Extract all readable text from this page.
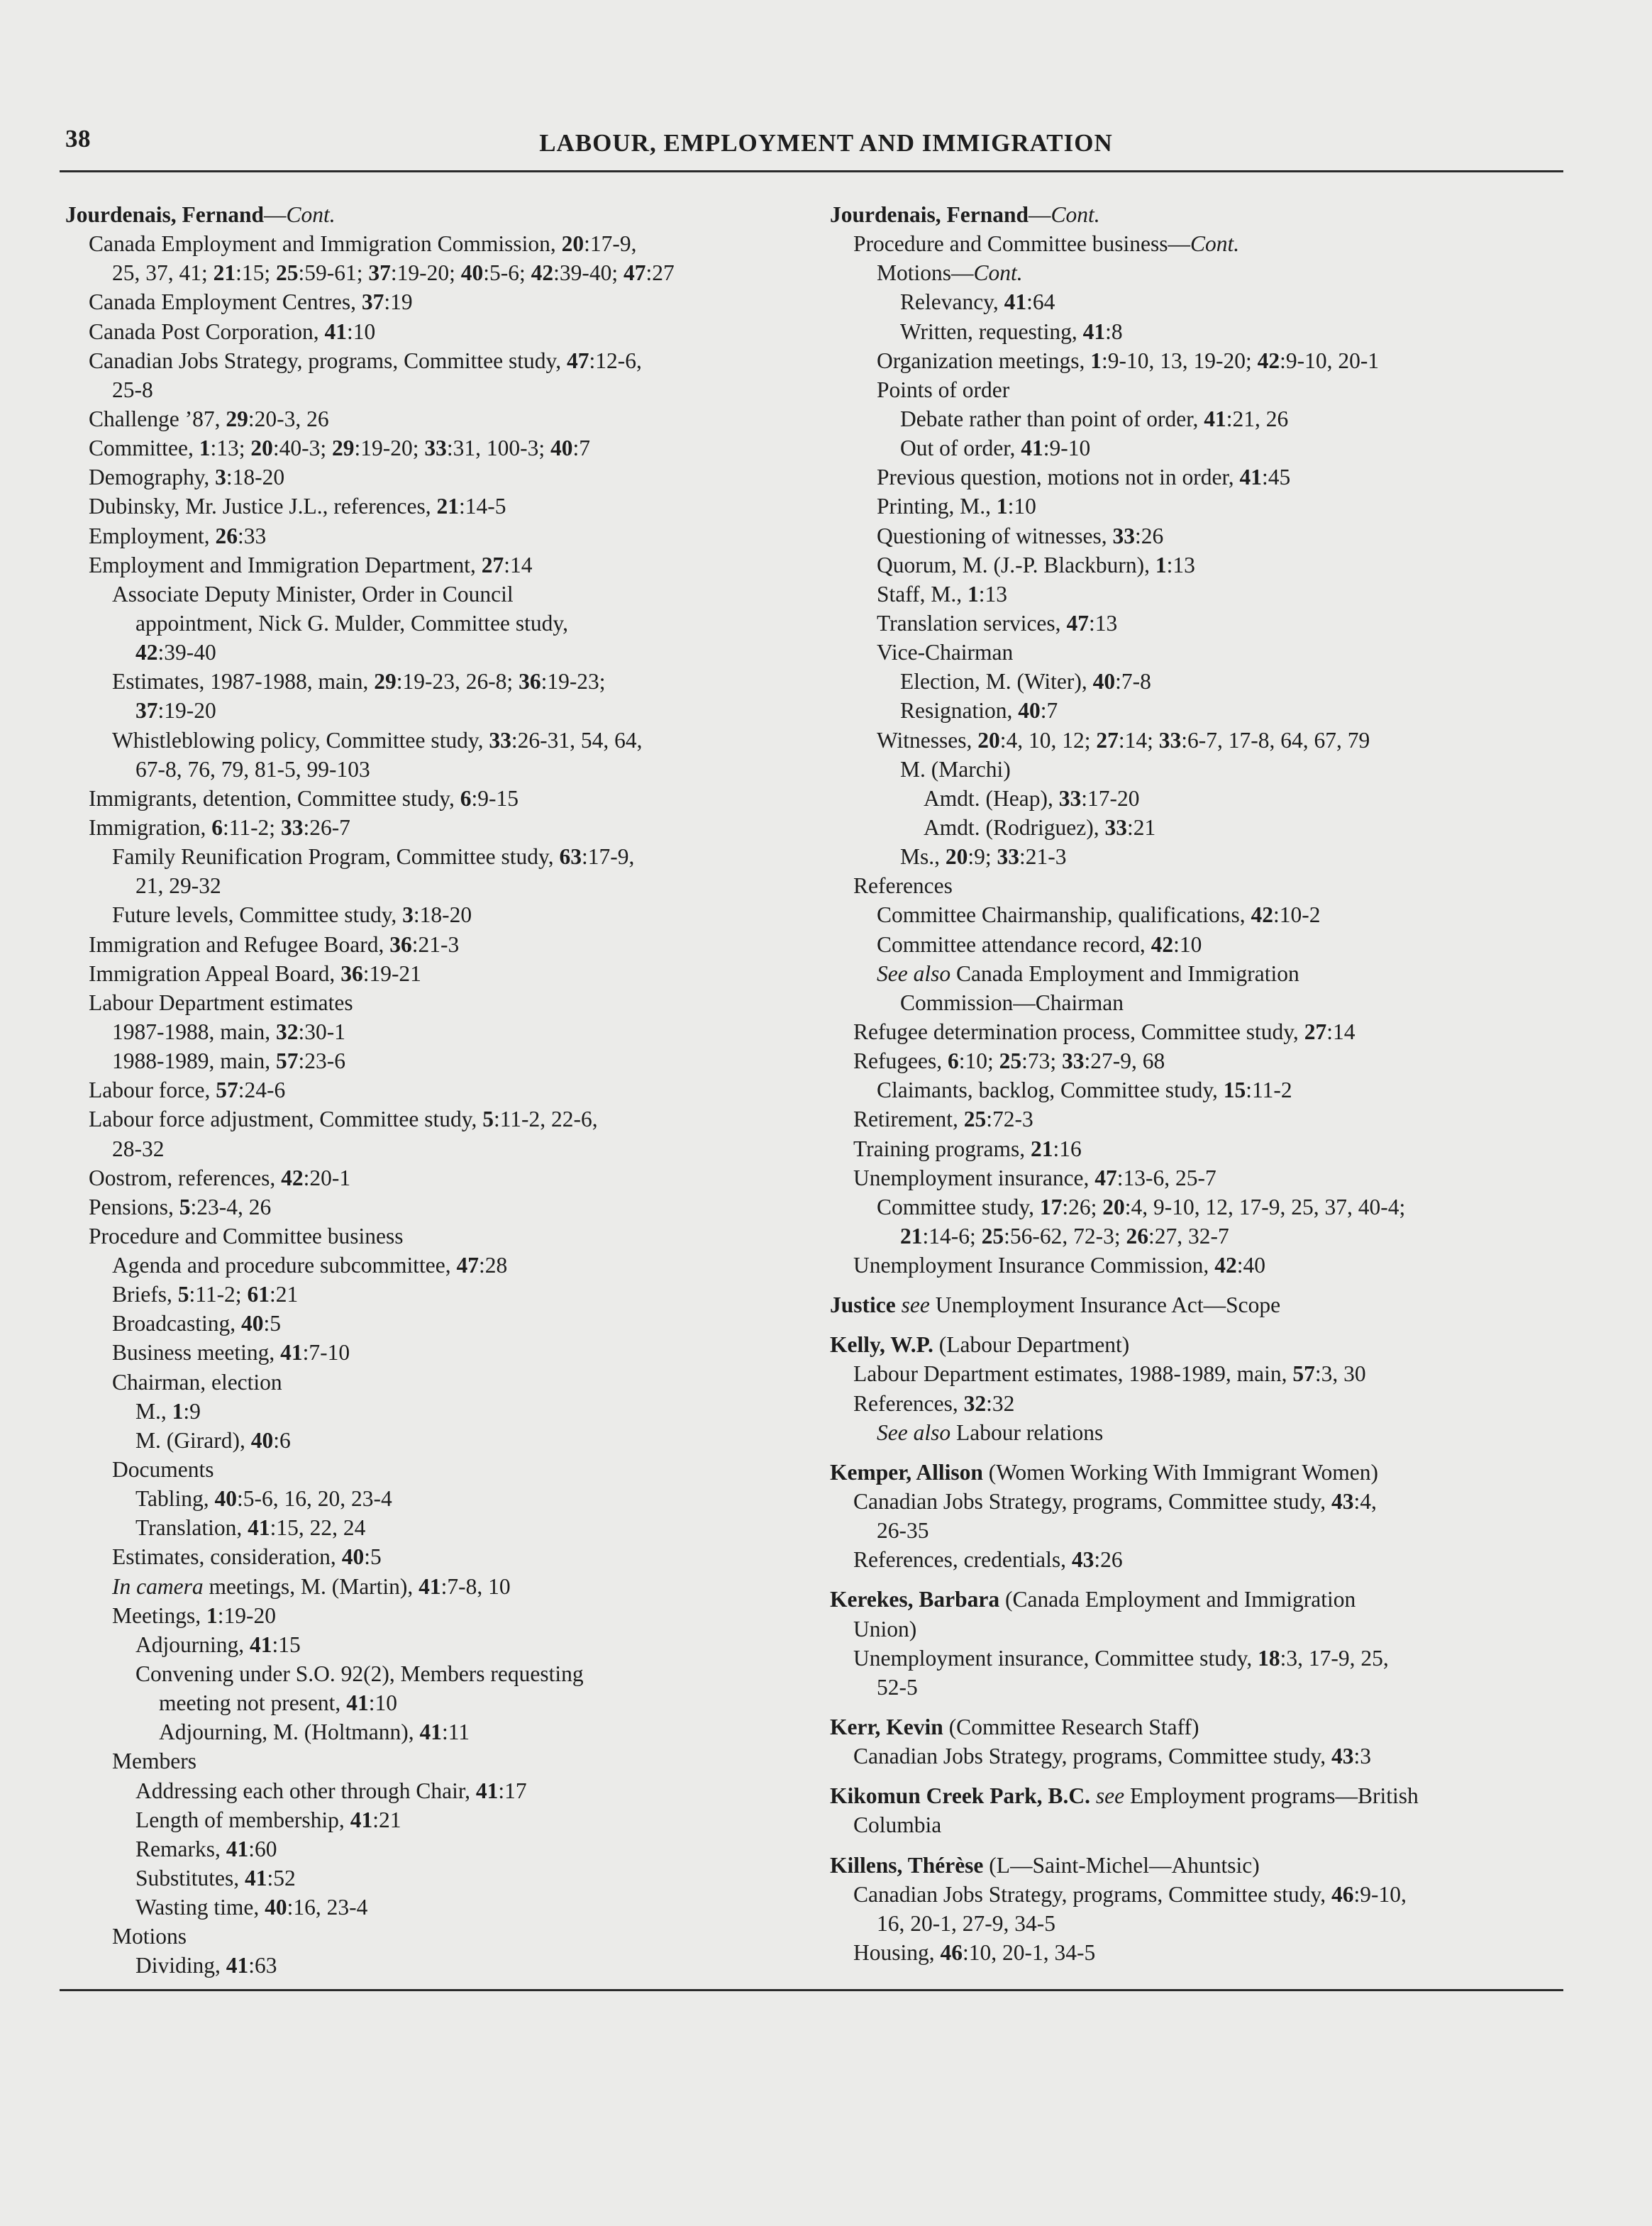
38	LABOUR, EMPLOYMENT AND IMMIGRATION
Jourdenais, Fernand—Cont.
Canada Employment and Immigration Commission, 20:17-9,
25, 37, 41; 21:15; 25:59-61; 37:19-20; 40:5-6; 42:39-40; 47:27
Canada Employment Centres, 37:19
Canada Post Corporation, 41:10
Canadian Jobs Strategy, programs, Committee study, 47:12-6,
25-8
Challenge ’87, 29:20-3, 26
Committee, 1:13; 20:40-3; 29:19-20; 33:31, 100-3; 40:7
Demography, 3:18-20
Dubinsky, Mr. Justice J.L., references, 21:14-5
Employment, 26:33
Employment and Immigration Department, 27:14
Associate Deputy Minister, Order in Council
appointment, Nick G. Mulder, Committee study,
42:39-40
Estimates, 1987-1988, main, 29:19-23, 26-8; 36:19-23;
37:19-20
Whistleblowing policy, Committee study, 33:26-31, 54, 64,
67-8, 76, 79, 81-5, 99-103
Immigrants, detention, Committee study, 6:9-15
Immigration, 6:11-2; 33:26-7
Family Reunification Program, Committee study, 63:17-9,
21, 29-32
Future levels, Committee study, 3:18-20
Immigration and Refugee Board, 36:21-3
Immigration Appeal Board, 36:19-21
Labour Department estimates
1987-1988, main, 32:30-1
1988-1989, main, 57:23-6
Labour force, 57:24-6
Labour force adjustment, Committee study, 5:11-2, 22-6,
28-32
Oostrom, references, 42:20-1
Pensions, 5:23-4, 26
Procedure and Committee business
Agenda and procedure subcommittee, 47:28
Briefs, 5:11-2; 61:21
Broadcasting, 40:5
Business meeting, 41:7-10
Chairman, election
M., 1:9
M. (Girard), 40:6
Documents
Tabling, 40:5-6, 16, 20, 23-4
Translation, 41:15, 22, 24
Estimates, consideration, 40:5
In camera meetings, M. (Martin), 41:7-8, 10
Meetings, 1:19-20
Adjourning, 41:15
Convening under S.O. 92(2), Members requesting
meeting not present, 41:10
Adjourning, M. (Holtmann), 41:11
Members
Addressing each other through Chair, 41:17
Length of membership, 41:21
Remarks, 41:60
Substitutes, 41:52
Wasting time, 40:16, 23-4
Motions
Dividing, 41:63
Jourdenais, Fernand—Cont.
Procedure and Committee business—Cont.
Motions—Cont.
Relevancy, 41:64
Written, requesting, 41:8
Organization meetings, 1:9-10, 13, 19-20; 42:9-10, 20-1
Points of order
Debate rather than point of order, 41:21, 26
Out of order, 41:9-10
Previous question, motions not in order, 41:45
Printing, M., 1:10
Questioning of witnesses, 33:26
Quorum, M. (J.-P. Blackburn), 1:13
Staff, M., 1:13
Translation services, 47:13
Vice-Chairman
Election, M. (Witer), 40:7-8
Resignation, 40:7
Witnesses, 20:4, 10, 12; 27:14; 33:6-7, 17-8, 64, 67, 79
M. (Marchi)
Amdt. (Heap), 33:17-20
Amdt. (Rodriguez), 33:21
Ms., 20:9; 33:21-3
References
Committee Chairmanship, qualifications, 42:10-2
Committee attendance record, 42:10
See also Canada Employment and Immigration
Commission—Chairman
Refugee determination process, Committee study, 27:14
Refugees, 6:10; 25:73; 33:27-9, 68
Claimants, backlog, Committee study, 15:11-2
Retirement, 25:72-3
Training programs, 21:16
Unemployment insurance, 47:13-6, 25-7
Committee study, 17:26; 20:4, 9-10, 12, 17-9, 25, 37, 40-4;
21:14-6; 25:56-62, 72-3; 26:27, 32-7
Unemployment Insurance Commission, 42:40
Justice see Unemployment Insurance Act—Scope
Kelly, W.P. (Labour Department)
Labour Department estimates, 1988-1989, main, 57:3, 30
References, 32:32
See also Labour relations
Kemper, Allison (Women Working With Immigrant Women)
Canadian Jobs Strategy, programs, Committee study, 43:4,
26-35
References, credentials, 43:26
Kerekes, Barbara (Canada Employment and Immigration
Union)
Unemployment insurance, Committee study, 18:3, 17-9, 25,
52-5
Kerr, Kevin (Committee Research Staff)
Canadian Jobs Strategy, programs, Committee study, 43:3
Kikomun Creek Park, B.C. see Employment programs—British
Columbia
Killens, Thérèse (L—Saint-Michel—Ahuntsic)
Canadian Jobs Strategy, programs, Committee study, 46:9-10,
16, 20-1, 27-9, 34-5
Housing, 46:10, 20-1, 34-5
